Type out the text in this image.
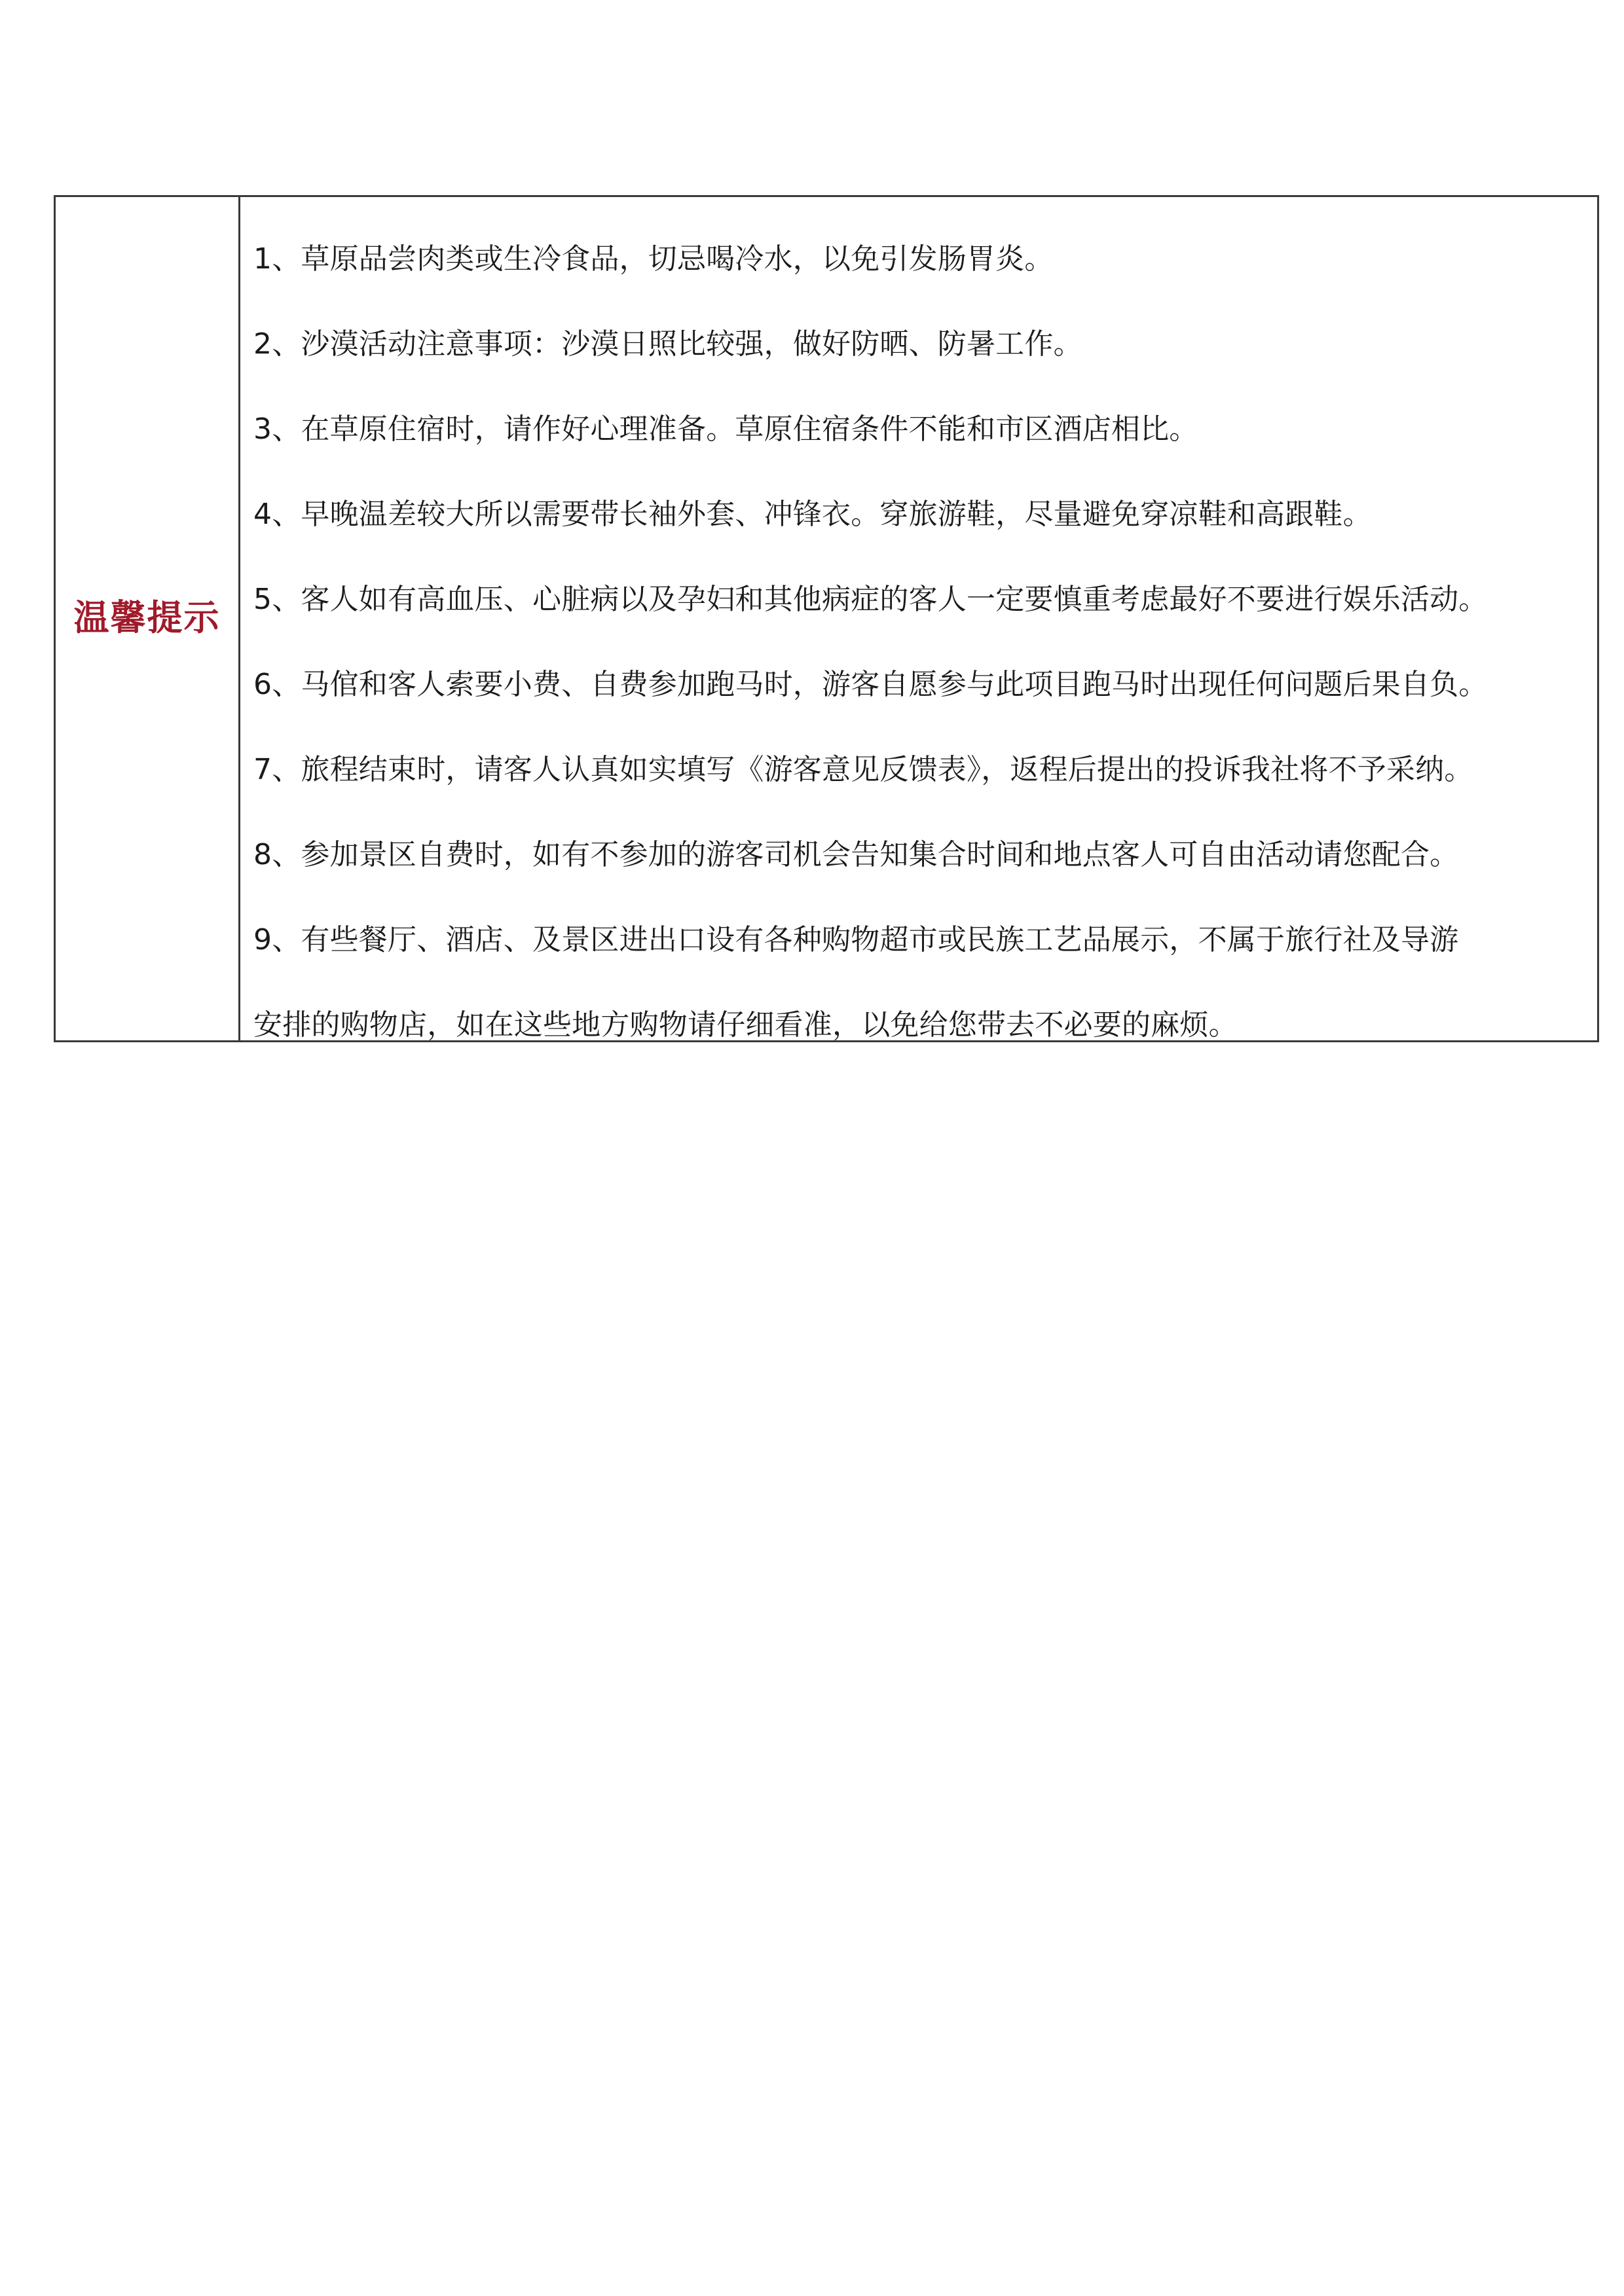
温馨提示
1、草原品尝肉类或生冷食品，切忌喝冷水，以免引发肠胃炎。
2、沙漠活动注意事项：沙漠日照比较强，做好防晒、防暑工作。
3、在草原住宿时，请作好心理准备。草原住宿条件不能和市区酒店相比。
4、早晚温差较大所以需要带长袖外套、冲锋衣。穿旅游鞋，尽量避免穿凉鞋和高跟鞋。
5、客人如有高血压、心脏病以及孕妇和其他病症的客人一定要慎重考虑最好不要进行娱乐活动。
6、马倌和客人索要小费、自费参加跑马时，游客自愿参与此项目跑马时出现任何问题后果自负。
7、旅程结束时，请客人认真如实填写《游客意见反馈表》，返程后提出的投诉我社将不予采纳。
8、参加景区自费时，如有不参加的游客司机会告知集合时间和地点客人可自由活动请您配合。
9、有些餐厅、酒店、及景区进出口设有各种购物超市或民族工艺品展示，不属于旅行社及导游
安排的购物店，如在这些地方购物请仔细看准，以免给您带去不必要的麻烦。
